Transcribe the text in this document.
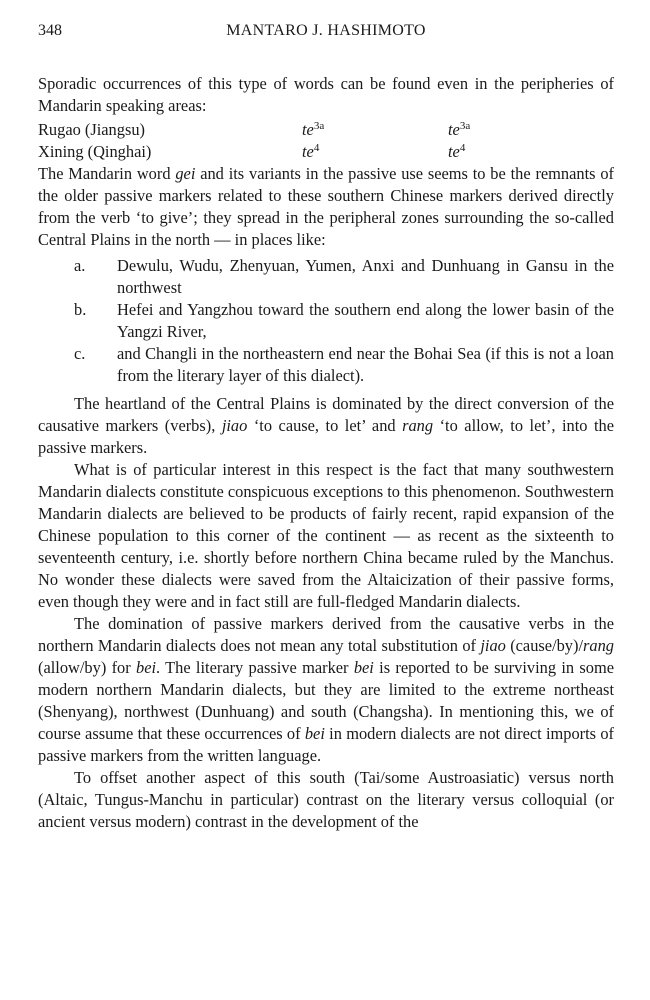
348	MANTARO J. HASHIMOTO

Sporadic occurrences of this type of words can be found even in the peripheries of Mandarin speaking areas:

Rugao (Jiangsu)	$te^{3a}$	$te^{3a}$
Xining (Qinghai)	$te^4$	$te^4$

The Mandarin word gei and its variants in the passive use seems to be the remnants of the older passive markers related to these southern Chinese markers derived directly from the verb ‘to give’; they spread in the peripheral zones surrounding the so-called Central Plains in the north — in places like:

a.	Dewulu, Wudu, Zhenyuan, Yumen, Anxi and Dunhuang in Gansu in the northwest
b.	Hefei and Yangzhou toward the southern end along the lower basin of the Yangzi River,
c.	and Changli in the northeastern end near the Bohai Sea (if this is not a loan from the literary layer of this dialect).

The heartland of the Central Plains is dominated by the direct conversion of the causative markers (verbs), jiao ‘to cause, to let’ and rang ‘to allow, to let’, into the passive markers.

What is of particular interest in this respect is the fact that many southwestern Mandarin dialects constitute conspicuous exceptions to this phenomenon. Southwestern Mandarin dialects are believed to be products of fairly recent, rapid expansion of the Chinese population to this corner of the continent — as recent as the sixteenth to seventeenth century, i.e. shortly before northern China became ruled by the Manchus. No wonder these dialects were saved from the Altaicization of their passive forms, even though they were and in fact still are full-fledged Mandarin dialects.

The domination of passive markers derived from the causative verbs in the northern Mandarin dialects does not mean any total substitution of jiao (cause/by)/rang (allow/by) for bei. The literary passive marker bei is reported to be surviving in some modern northern Mandarin dialects, but they are limited to the extreme northeast (Shenyang), northwest (Dunhuang) and south (Changsha). In mentioning this, we of course assume that these occurrences of bei in modern dialects are not direct imports of passive markers from the written language.

To offset another aspect of this south (Tai/some Austroasiatic) versus north (Altaic, Tungus-Manchu in particular) contrast on the literary versus colloquial (or ancient versus modern) contrast in the development of the
